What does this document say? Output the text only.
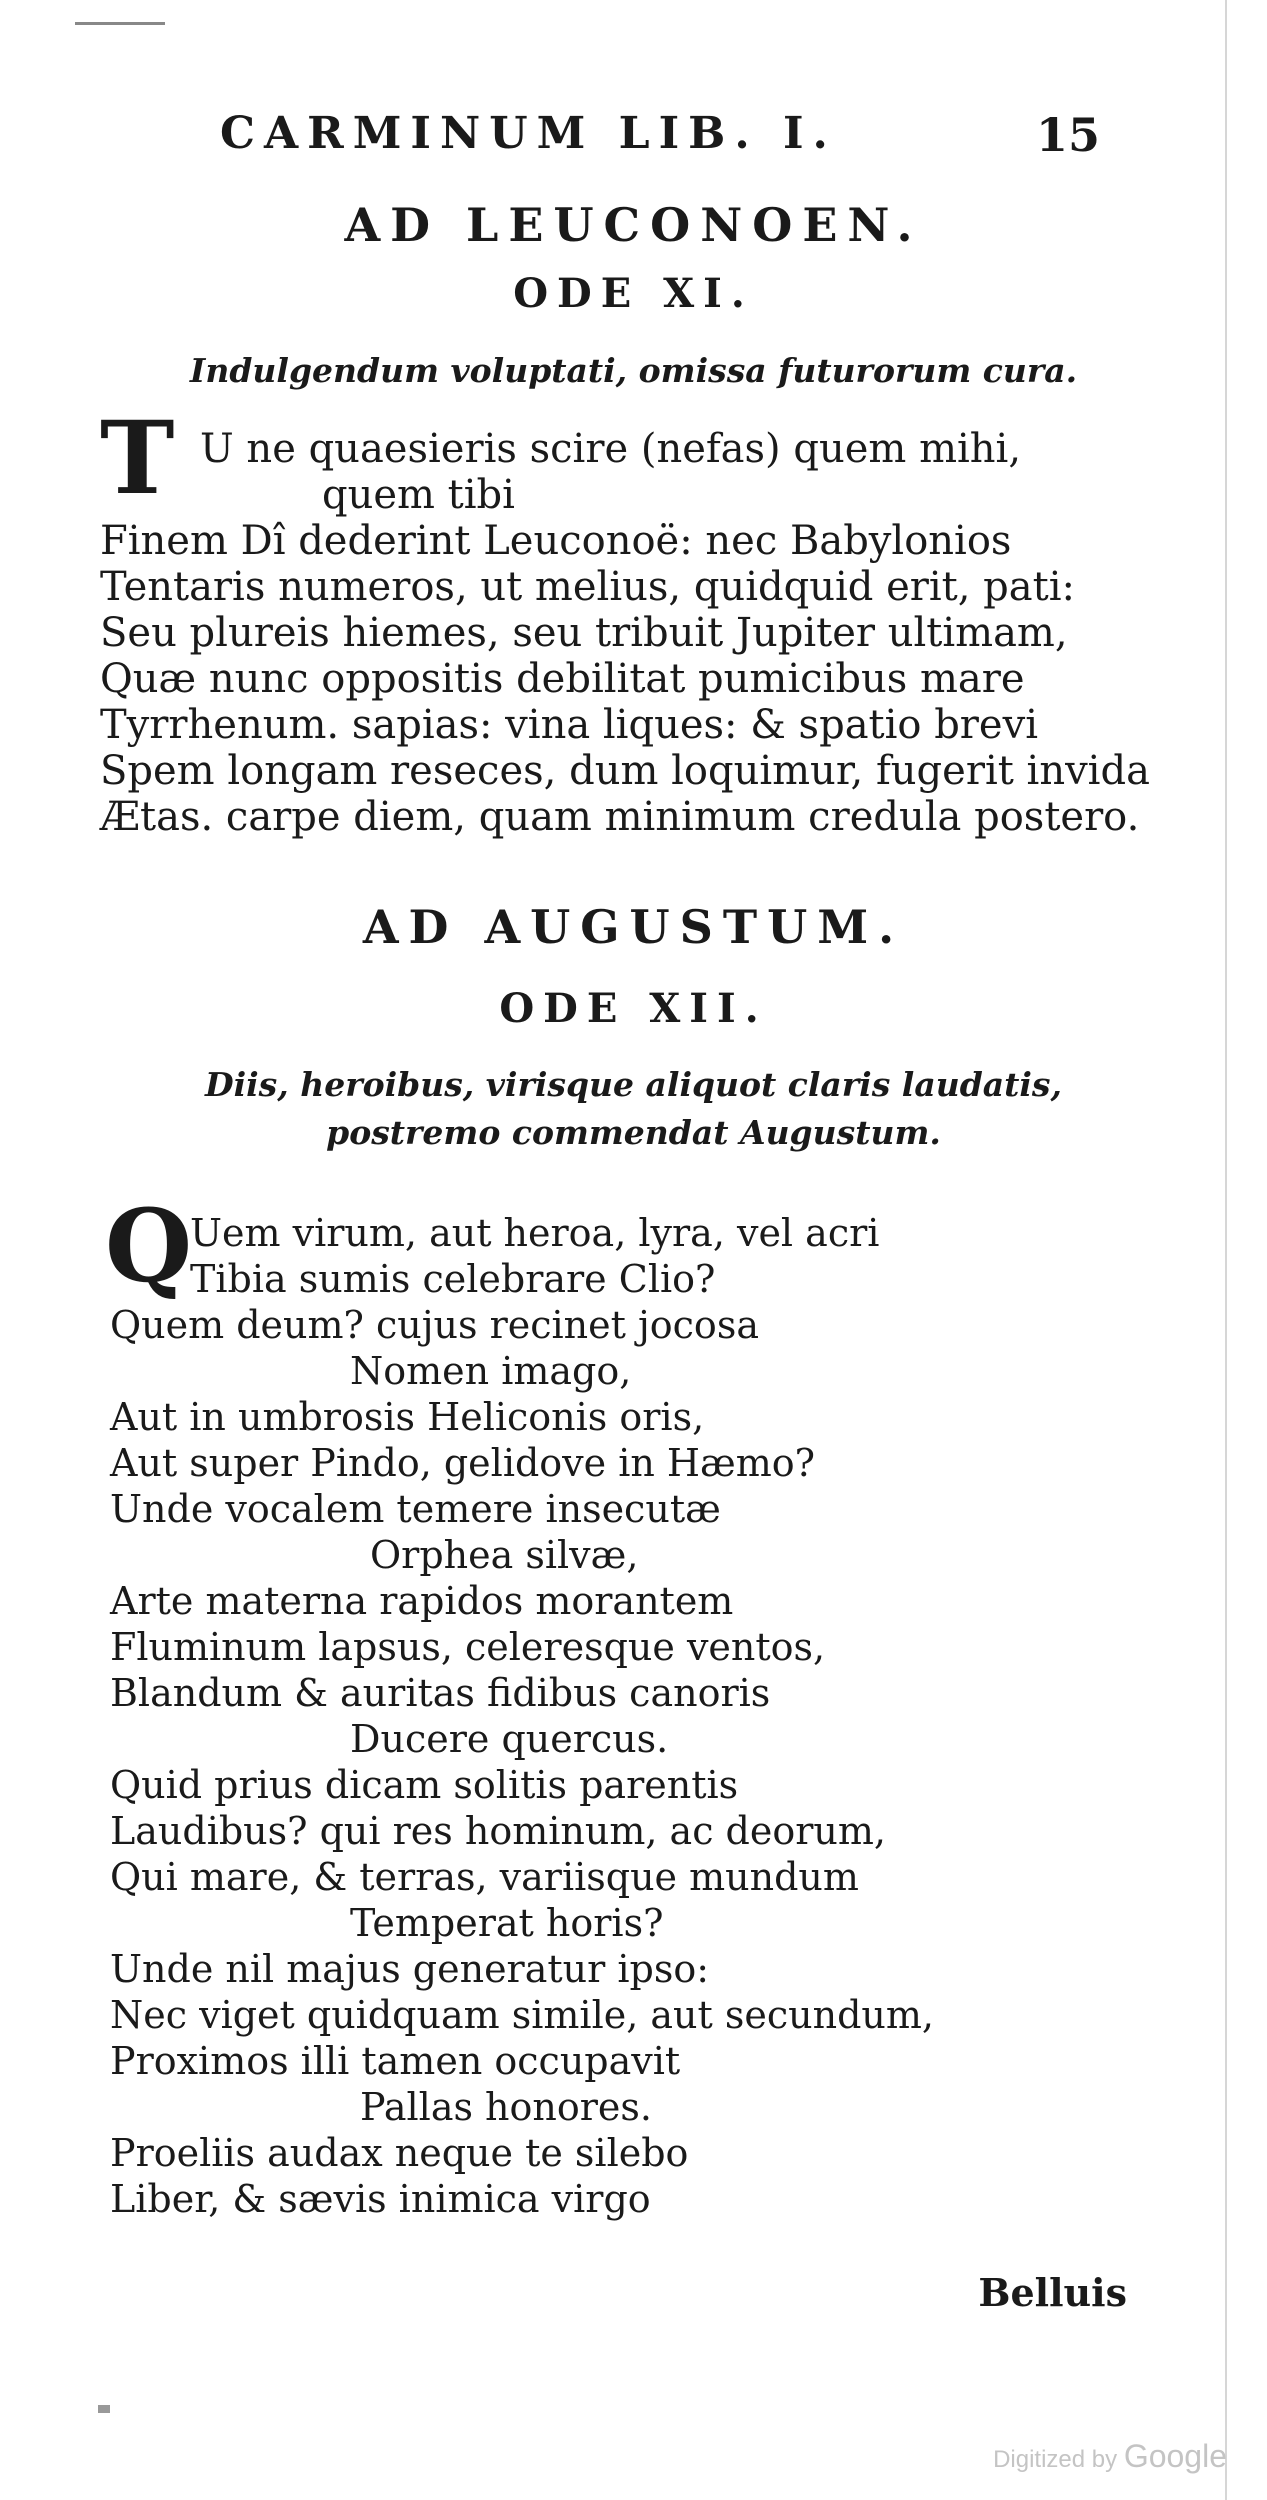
CARMINUM LIB. I.	15
AD LEUCONOEN.
ODE XI.
Indulgendum voluptati, omissa futurorum cura.
T U ne quaesieris scire (nefas) quem mihi,
quem tibi
Finem Dî dederint Leuconoë: nec Babylonios
Tentaris numeros, ut melius, quidquid erit, pati:
Seu plureis hiemes, seu tribuit Jupiter ultimam,
Quæ nunc oppositis debilitat pumicibus mare
Tyrrhenum. sapias: vina liques: & spatio brevi
Spem longam reseces, dum loquimur, fugerit invida
Ætas. carpe diem, quam minimum credula postero.
AD AUGUSTUM.
ODE XII.
Diis, heroibus, virisque aliquot claris laudatis,
postremo commendat Augustum.
Q
Uem virum, aut heroa, lyra, vel acri
Tibia sumis celebrare Clio?
Quem deum? cujus recinet jocosa
Nomen imago,
Aut in umbrosis Heliconis oris,
Aut super Pindo, gelidove in Hæmo?
Unde vocalem temere insecutæ
Orphea silvæ,
Arte materna rapidos morantem
Fluminum lapsus, celeresque ventos,
Blandum & auritas fidibus canoris
Ducere quercus.
Quid prius dicam solitis parentis
Laudibus? qui res hominum, ac deorum,
Qui mare, & terras, variisque mundum
Temperat horis?
Unde nil majus generatur ipso:
Nec viget quidquam simile, aut secundum,
Proximos illi tamen occupavit
Pallas honores.
Proeliis audax neque te silebo
Liber, & sævis inimica virgo
Belluis
Digitized by Google
